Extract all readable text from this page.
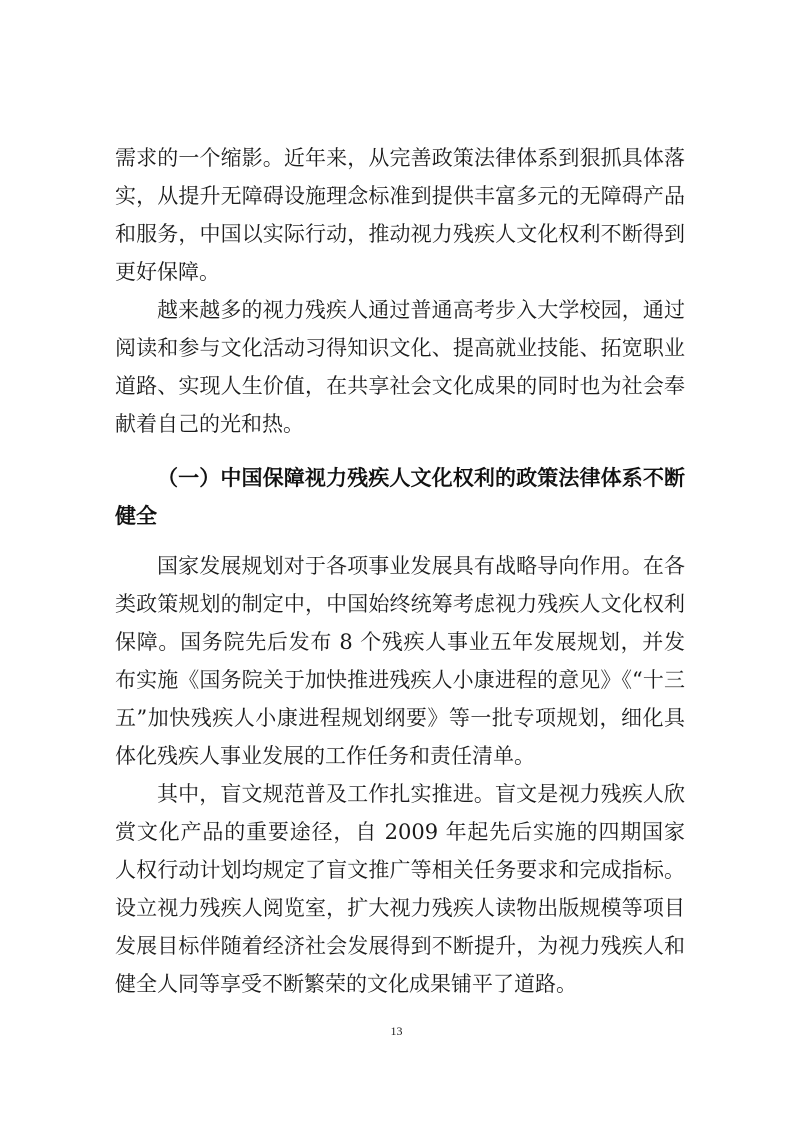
需求的一个缩影。近年来，从完善政策法律体系到狠抓具体落实，从提升无障碍设施理念标准到提供丰富多元的无障碍产品和服务，中国以实际行动，推动视力残疾人文化权利不断得到更好保障。

越来越多的视力残疾人通过普通高考步入大学校园，通过阅读和参与文化活动习得知识文化、提高就业技能、拓宽职业道路、实现人生价值，在共享社会文化成果的同时也为社会奉献着自己的光和热。

（一）中国保障视力残疾人文化权利的政策法律体系不断健全

国家发展规划对于各项事业发展具有战略导向作用。在各类政策规划的制定中，中国始终统筹考虑视力残疾人文化权利保障。国务院先后发布 8 个残疾人事业五年发展规划，并发布实施《国务院关于加快推进残疾人小康进程的意见》《“十三五”加快残疾人小康进程规划纲要》等一批专项规划，细化具体化残疾人事业发展的工作任务和责任清单。

其中，盲文规范普及工作扎实推进。盲文是视力残疾人欣赏文化产品的重要途径，自 2009 年起先后实施的四期国家人权行动计划均规定了盲文推广等相关任务要求和完成指标。设立视力残疾人阅览室，扩大视力残疾人读物出版规模等项目发展目标伴随着经济社会发展得到不断提升，为视力残疾人和健全人同等享受不断繁荣的文化成果铺平了道路。

13
